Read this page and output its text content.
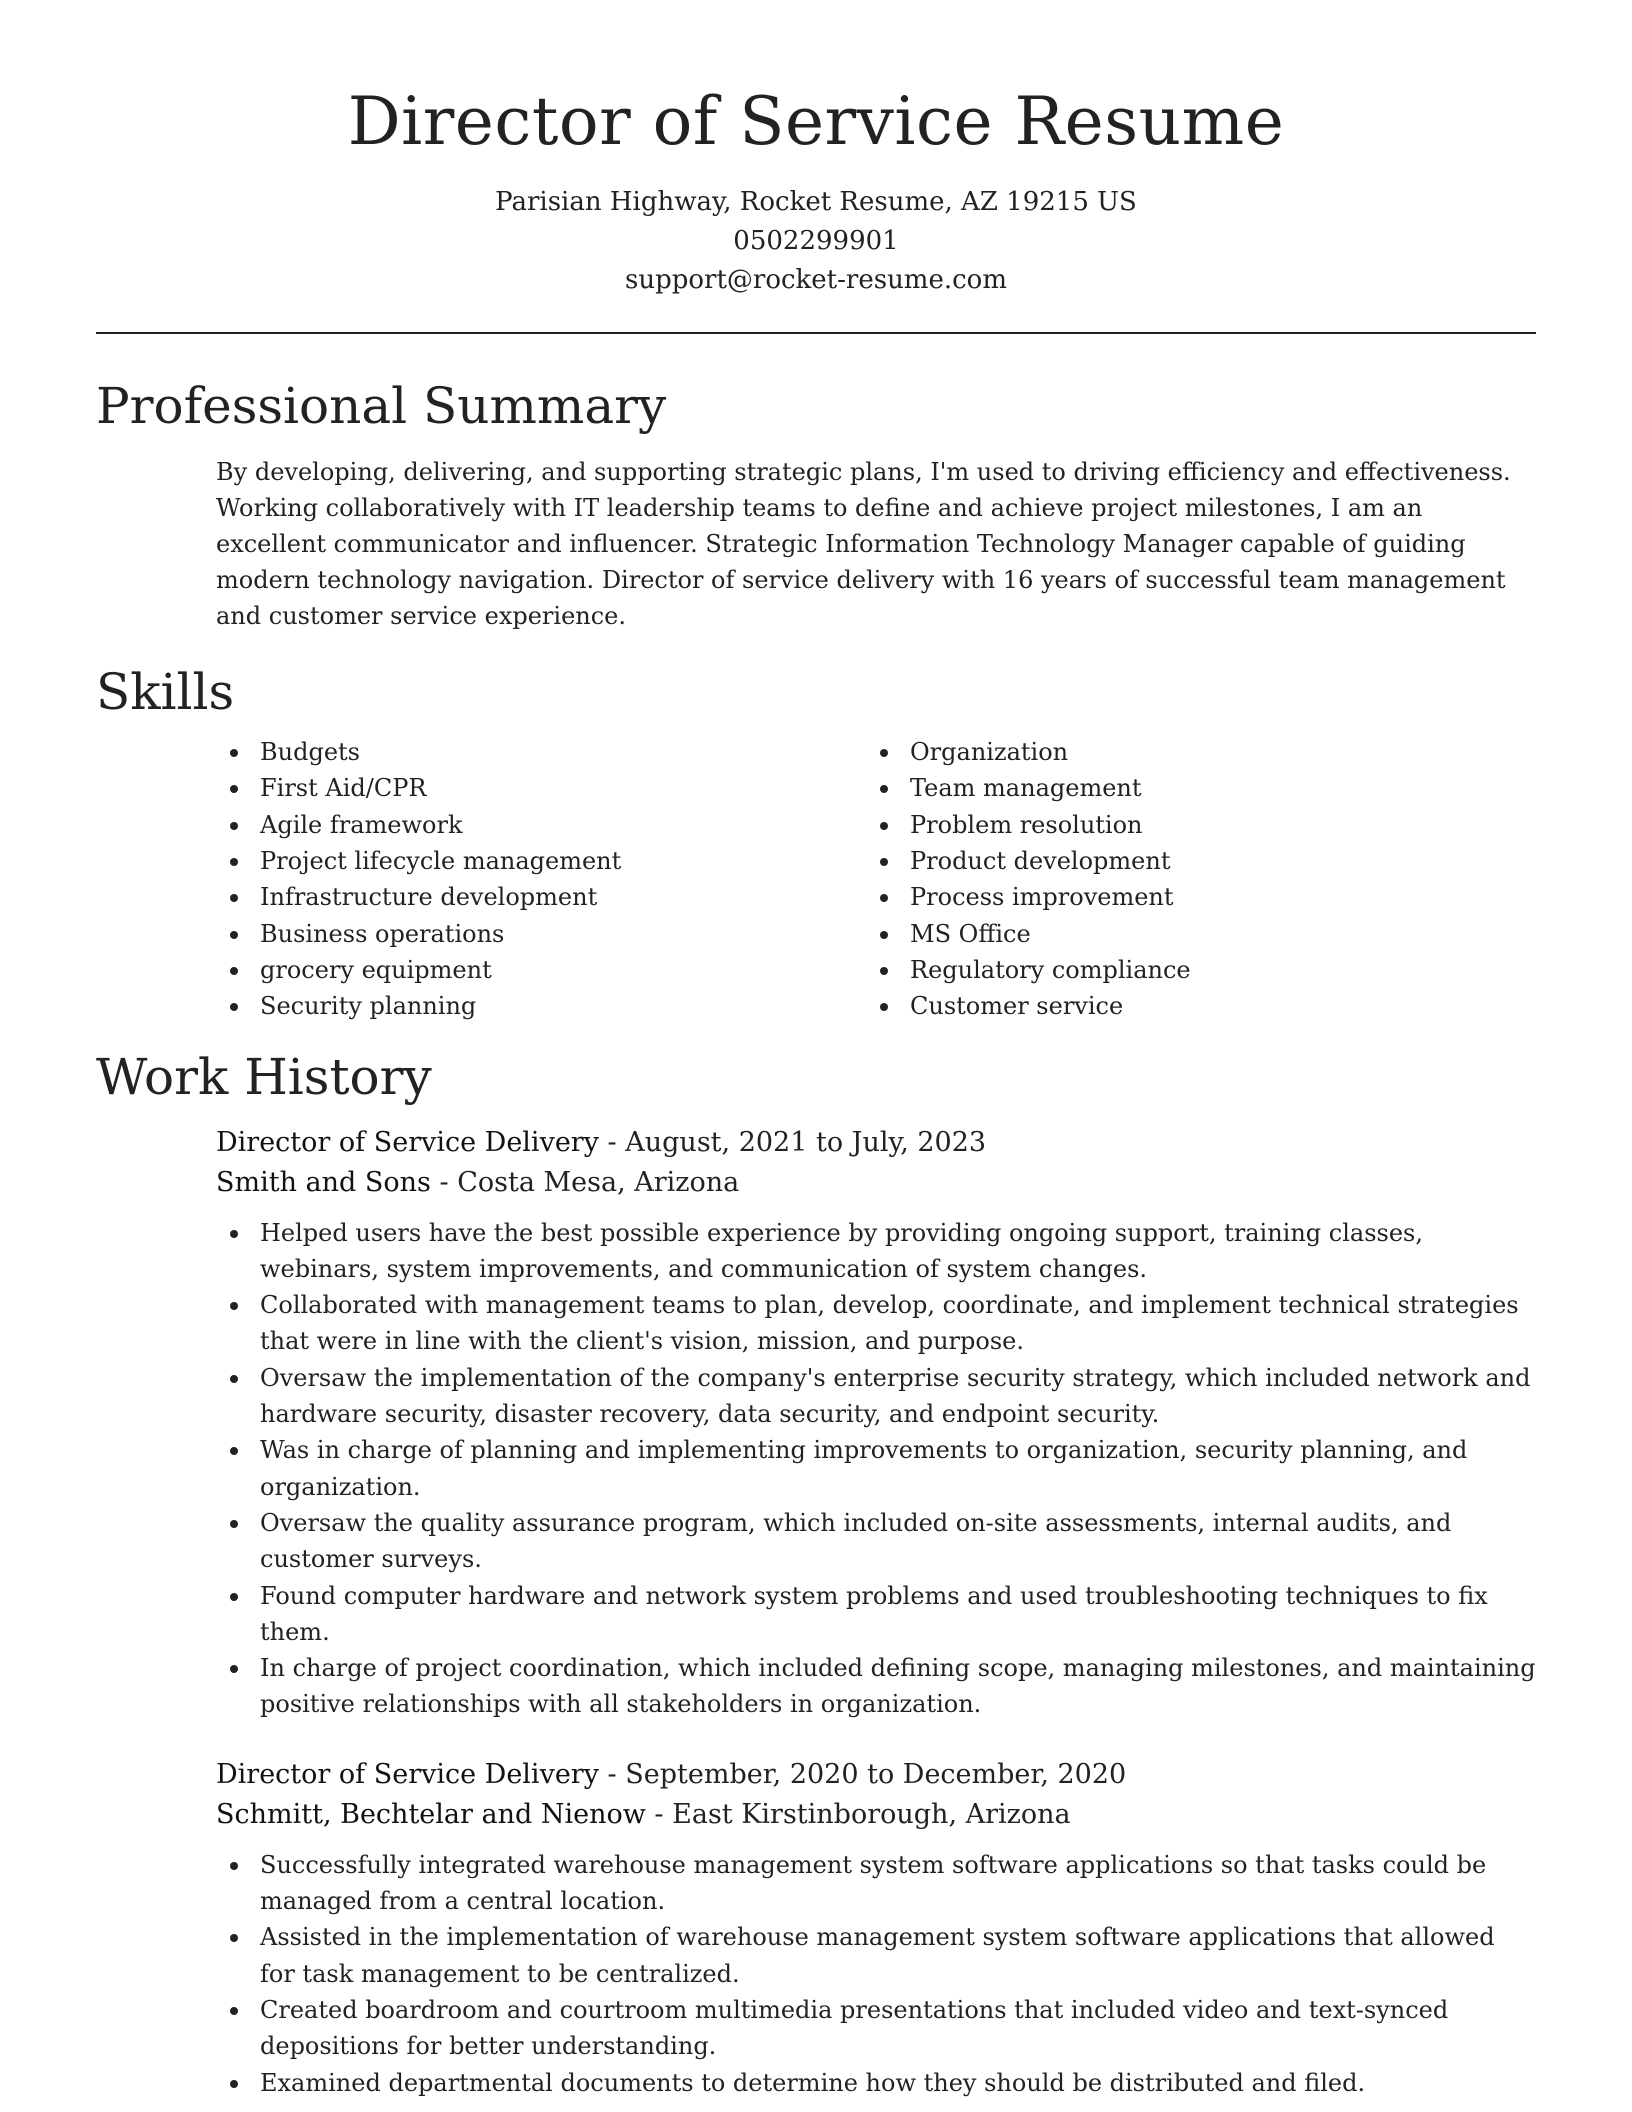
Director of Service Resume
Parisian Highway, Rocket Resume, AZ 19215 US
0502299901
support@rocket-resume.com
Professional Summary

By developing, delivering, and supporting strategic plans, I'm used to driving efficiency and effectiveness. Working collaboratively with IT leadership teams to define and achieve project milestones, I am an excellent communicator and influencer. Strategic Information Technology Manager capable of guiding modern technology navigation. Director of service delivery with 16 years of successful team management and customer service experience.

Skills
Budgets
First Aid/CPR
Agile framework
Project lifecycle management
Infrastructure development
Business operations
grocery equipment
Security planning
Organization
Team management
Problem resolution
Product development
Process improvement
MS Office
Regulatory compliance
Customer service
Work History
Director of Service Delivery - August, 2021 to July, 2023
Smith and Sons - Costa Mesa, Arizona
Helped users have the best possible experience by providing ongoing support, training classes, webinars, system improvements, and communication of system changes.
Collaborated with management teams to plan, develop, coordinate, and implement technical strategies that were in line with the client's vision, mission, and purpose.
Oversaw the implementation of the company's enterprise security strategy, which included network and hardware security, disaster recovery, data security, and endpoint security.
Was in charge of planning and implementing improvements to organization, security planning, and organization.
Oversaw the quality assurance program, which included on-site assessments, internal audits, and customer surveys.
Found computer hardware and network system problems and used troubleshooting techniques to fix them.
In charge of project coordination, which included defining scope, managing milestones, and maintaining positive relationships with all stakeholders in organization.
Director of Service Delivery - September, 2020 to December, 2020
Schmitt, Bechtelar and Nienow - East Kirstinborough, Arizona
Successfully integrated warehouse management system software applications so that tasks could be managed from a central location.
Assisted in the implementation of warehouse management system software applications that allowed for task management to be centralized.
Created boardroom and courtroom multimedia presentations that included video and text-synced depositions for better understanding.
Examined departmental documents to determine how they should be distributed and filed.
